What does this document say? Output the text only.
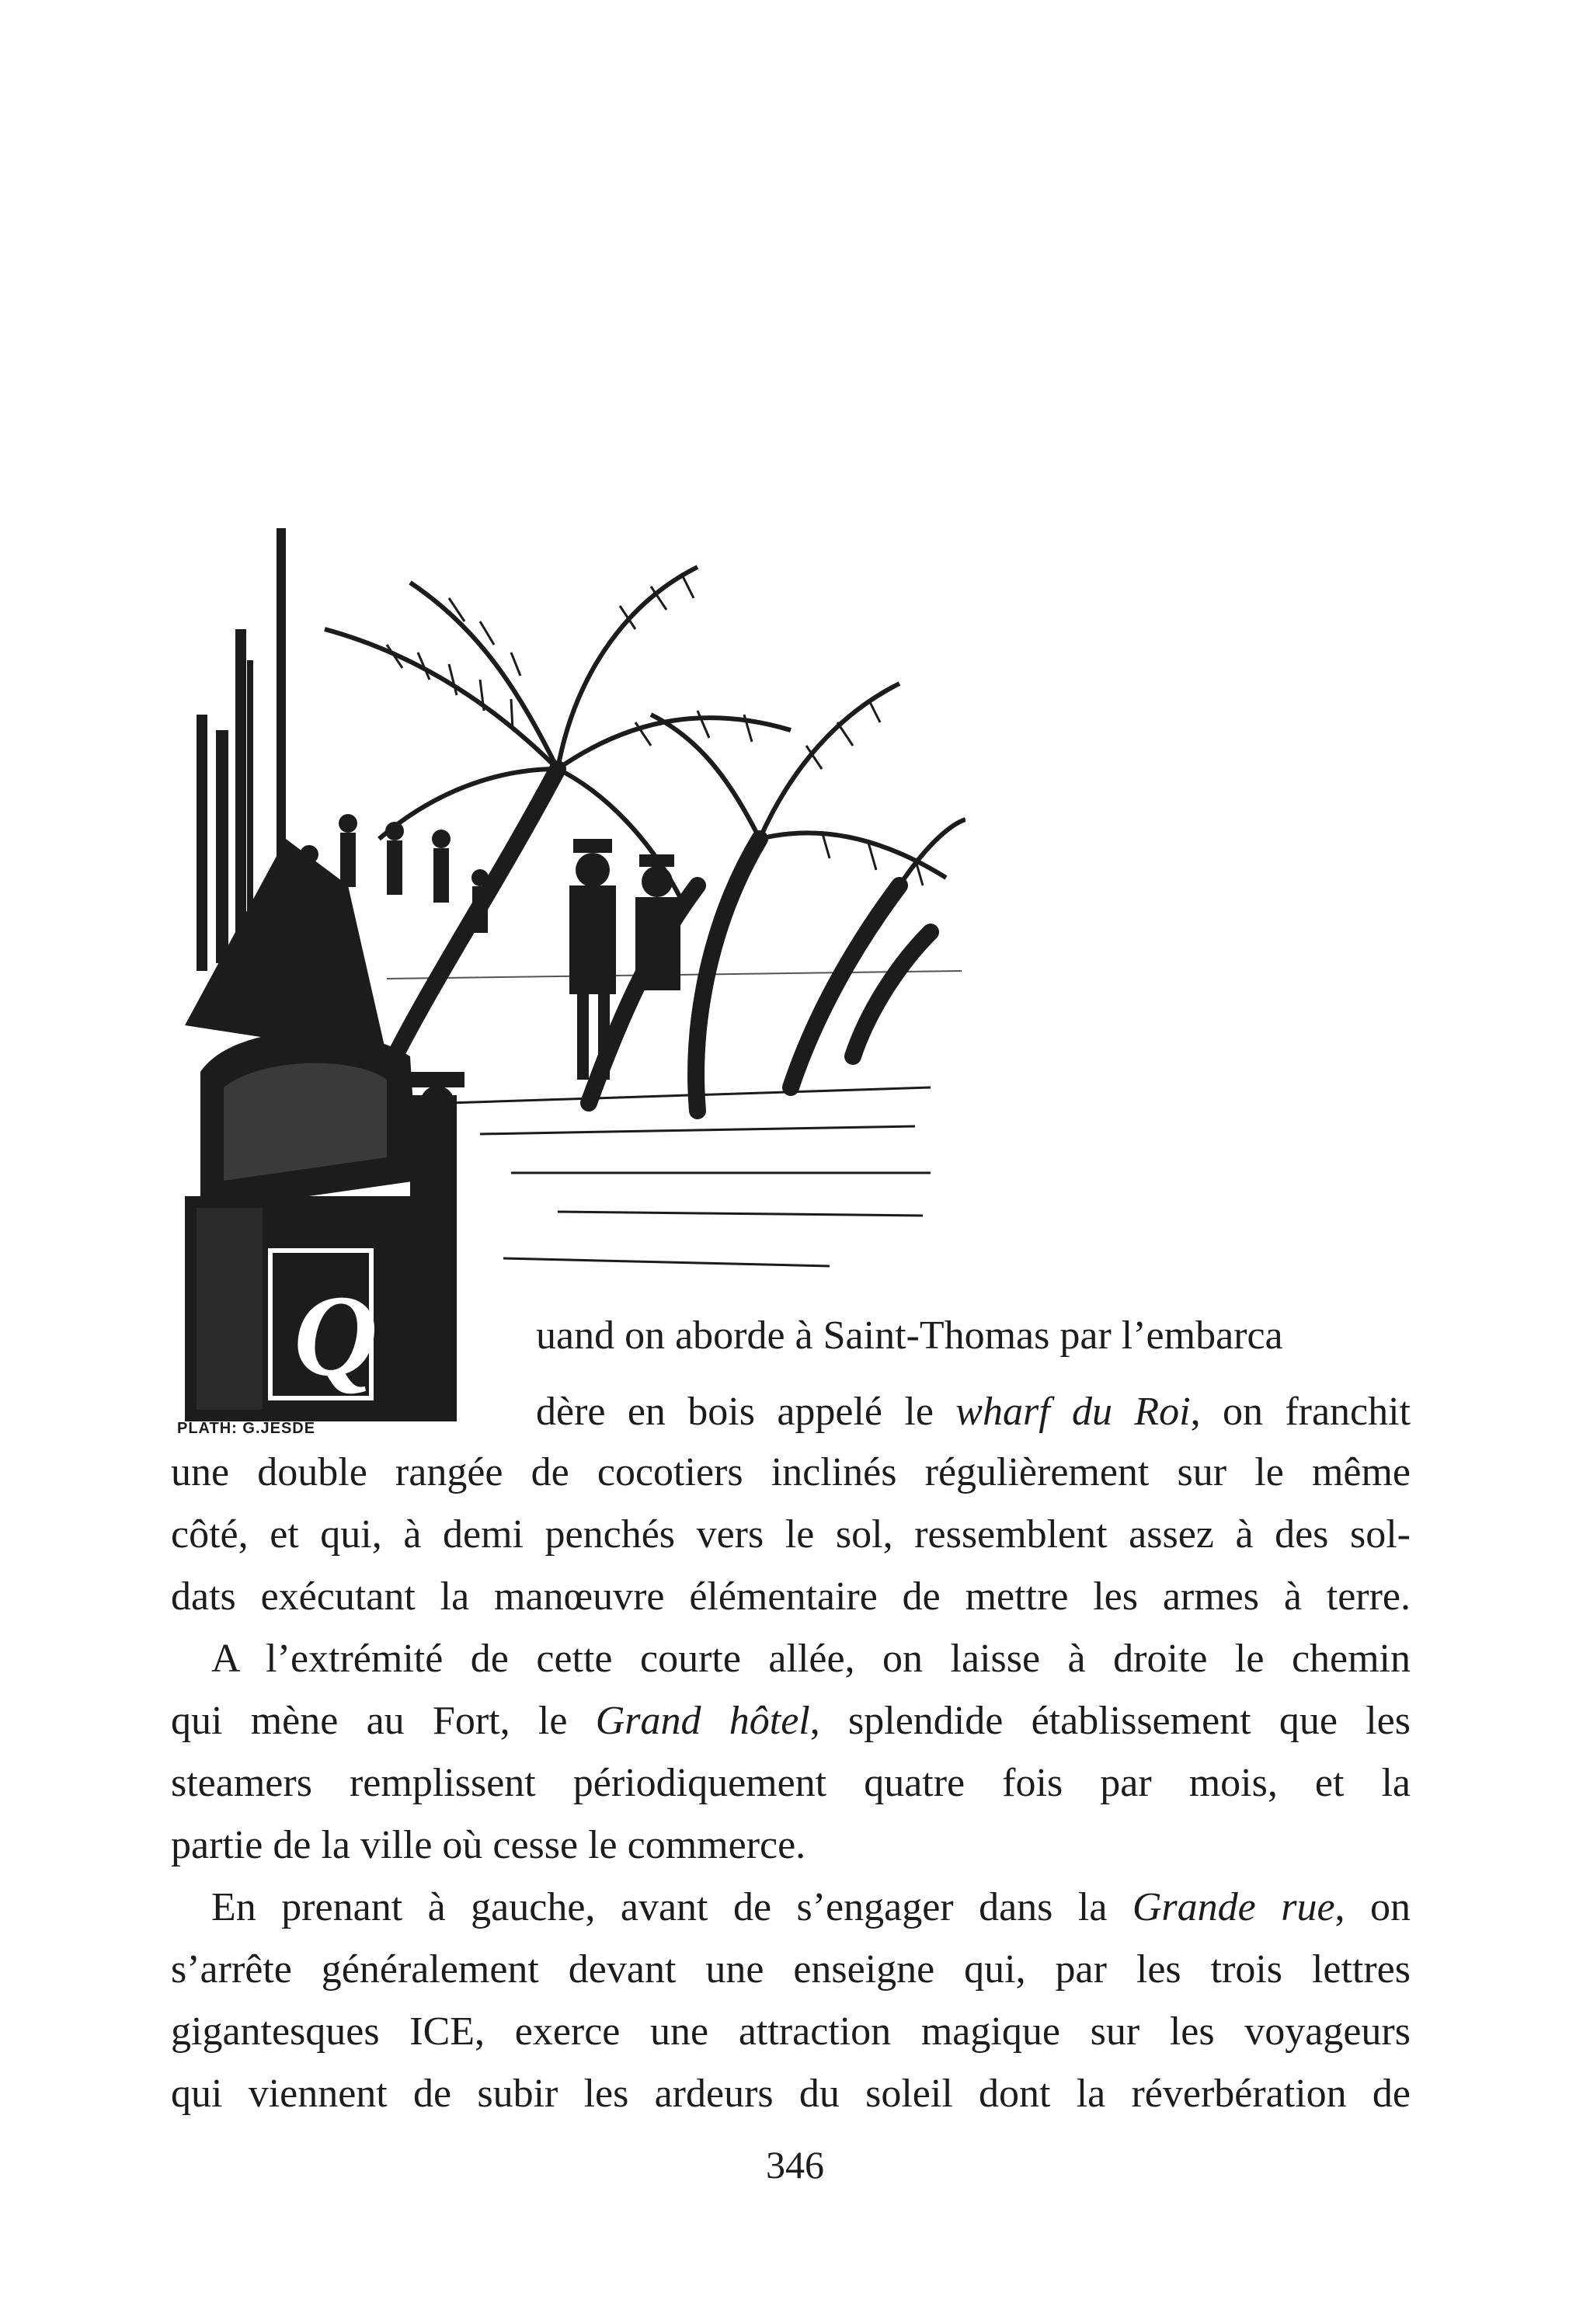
Q
PLATH: G.JESDE
uand on aborde à Saint-Thomas par l’embarca
dère en bois appelé le wharf du Roi, on franchit
une double rangée de cocotiers inclinés régulièrement sur le même
côté, et qui, à demi penchés vers le sol, ressemblent assez à des sol-
dats exécutant la manœuvre élémentaire de mettre les armes à terre.
A l’extrémité de cette courte allée, on laisse à droite le chemin
qui mène au Fort, le Grand hôtel, splendide établissement que les
steamers remplissent périodiquement quatre fois par mois, et la
partie de la ville où cesse le commerce.
En prenant à gauche, avant de s’engager dans la Grande rue, on
s’arrête généralement devant une enseigne qui, par les trois lettres
gigantesques ICE, exerce une attraction magique sur les voyageurs
qui viennent de subir les ardeurs du soleil dont la réverbération de
346
